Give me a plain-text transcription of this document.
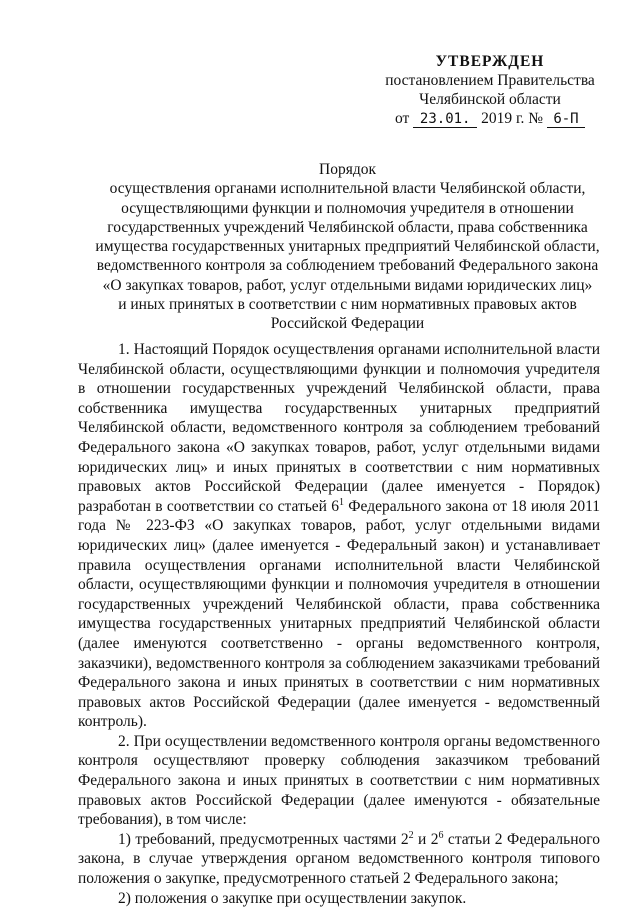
УТВЕРЖДЕН
постановлением Правительства
Челябинской области
от 23.01. 2019 г. № 6-П
Порядок
осуществления органами исполнительной власти Челябинской области,
осуществляющими функции и полномочия учредителя в отношении
государственных учреждений Челябинской области, права собственника
имущества государственных унитарных предприятий Челябинской области,
ведомственного контроля за соблюдением требований Федерального закона
«О закупках товаров, работ, услуг отдельными видами юридических лиц»
и иных принятых в соответствии с ним нормативных правовых актов
Российской Федерации

1. Настоящий Порядок осуществления органами исполнительной власти Челябинской области, осуществляющими функции и полномочия учредителя в отношении государственных учреждений Челябинской области, права собственника имущества государственных унитарных предприятий Челябинской области, ведомственного контроля за соблюдением требований Федерального закона «О закупках товаров, работ, услуг отдельными видами юридических лиц» и иных принятых в соответствии с ним нормативных правовых актов Российской Федерации (далее именуется - Порядок) разработан в соответствии со статьей $6^1$ Федерального закона от 18 июля 2011 года № 223-ФЗ «О закупках товаров, работ, услуг отдельными видами юридических лиц» (далее именуется - Федеральный закон) и устанавливает правила осуществления органами исполнительной власти Челябинской области, осуществляющими функции и полномочия учредителя в отношении государственных учреждений Челябинской области, права собственника имущества государственных унитарных предприятий Челябинской области (далее именуются соответственно - органы ведомственного контроля, заказчики), ведомственного контроля за соблюдением заказчиками требований Федерального закона и иных принятых в соответствии с ним нормативных правовых актов Российской Федерации (далее именуется - ведомственный контроль).

2. При осуществлении ведомственного контроля органы ведомственного контроля осуществляют проверку соблюдения заказчиком требований Федерального закона и иных принятых в соответствии с ним нормативных правовых актов Российской Федерации (далее именуются - обязательные требования), в том числе:

1) требований, предусмотренных частями $2^2$ и $2^6$ статьи 2 Федерального закона, в случае утверждения органом ведомственного контроля типового положения о закупке, предусмотренного статьей 2 Федерального закона;

2) положения о закупке при осуществлении закупок.
